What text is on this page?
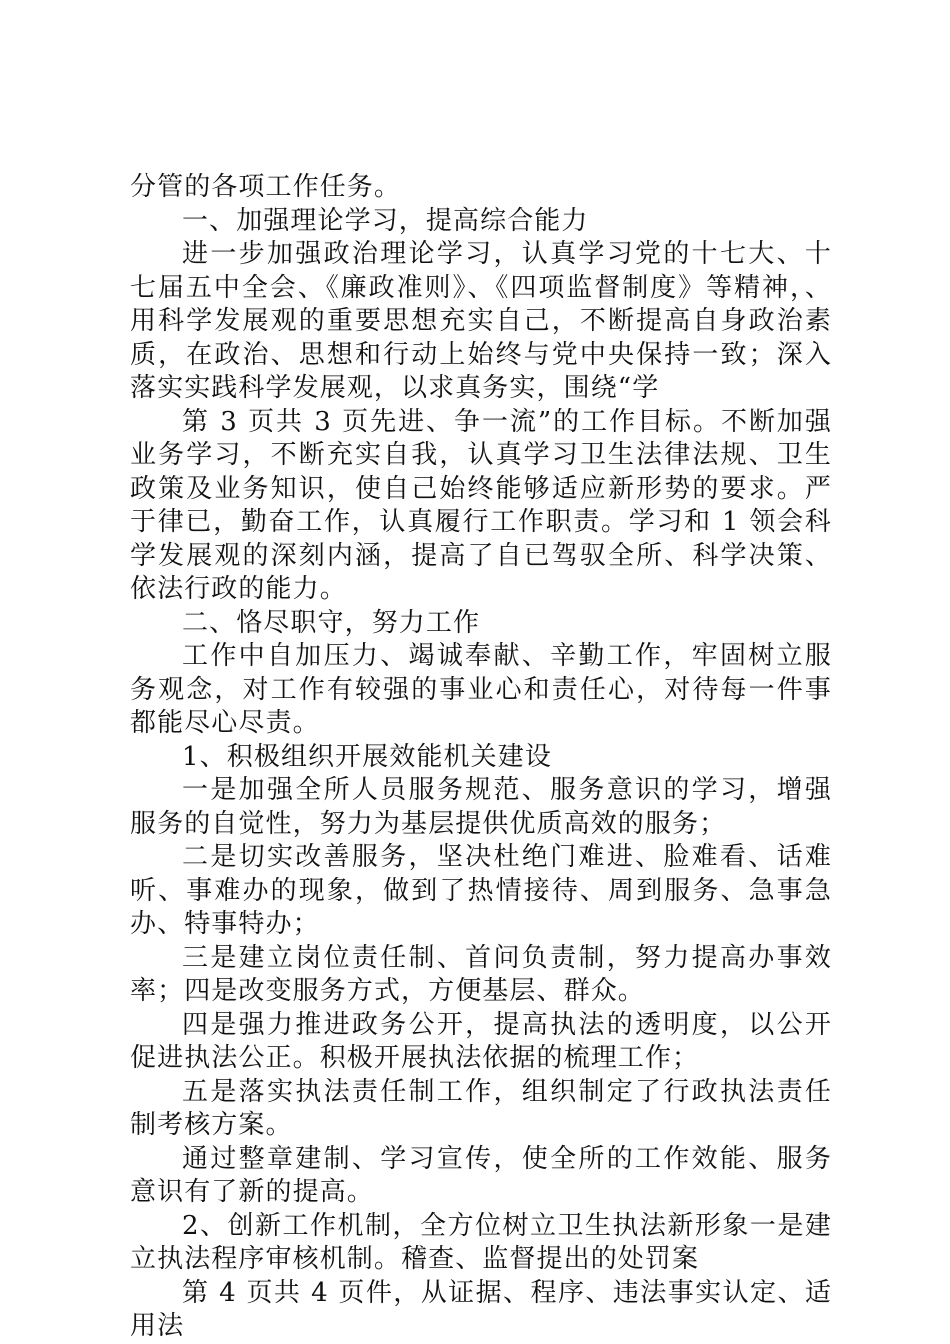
分管的各项工作任务。

一、加强理论学习，提高综合能力

进一步加强政治理论学习，认真学习党的十七大、十七届五中全会、《廉政准则》、《四项监督制度》等精神，、用科学发展观的重要思想充实自己，不断提高自身政治素质，在政治、思想和行动上始终与党中央保持一致；深入落实实践科学发展观，以求真务实，围绕“学

第 3 页共 3 页先进、争一流”的工作目标。不断加强业务学习，不断充实自我，认真学习卫生法律法规、卫生政策及业务知识，使自己始终能够适应新形势的要求。严于律已，勤奋工作，认真履行工作职责。学习和 1 领会科学发展观的深刻内涵，提高了自已驾驭全所、科学决策、依法行政的能力。

二、恪尽职守，努力工作

工作中自加压力、竭诚奉献、辛勤工作，牢固树立服务观念，对工作有较强的事业心和责任心，对待每一件事都能尽心尽责。

1、积极组织开展效能机关建设

一是加强全所人员服务规范、服务意识的学习，增强服务的自觉性，努力为基层提供优质高效的服务；

二是切实改善服务，坚决杜绝门难进、脸难看、话难听、事难办的现象，做到了热情接待、周到服务、急事急办、特事特办；

三是建立岗位责任制、首问负责制，努力提高办事效率；四是改变服务方式，方便基层、群众。

四是强力推进政务公开，提高执法的透明度，以公开促进执法公正。积极开展执法依据的梳理工作；

五是落实执法责任制工作，组织制定了行政执法责任制考核方案。

通过整章建制、学习宣传，使全所的工作效能、服务意识有了新的提高。

2、创新工作机制，全方位树立卫生执法新形象一是建立执法程序审核机制。稽查、监督提出的处罚案

第 4 页共 4 页件，从证据、程序、违法事实认定、适用法
